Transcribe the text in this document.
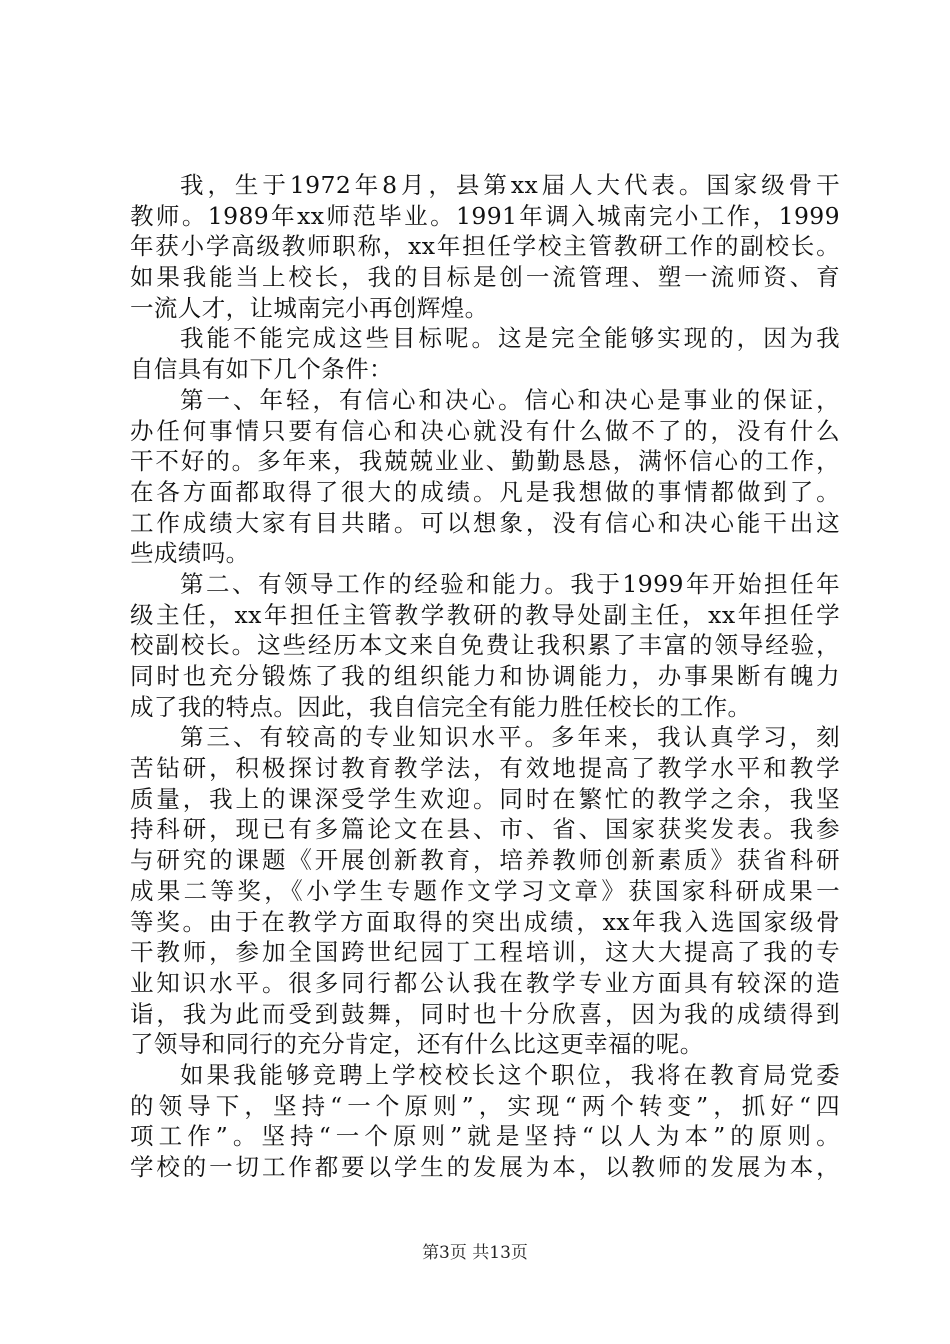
我，生于1972年8月，县第xx届人大代表。国家级骨干
教师。1989年xx师范毕业。1991年调入城南完小工作，1999
年获小学高级教师职称，xx年担任学校主管教研工作的副校长。
如果我能当上校长，我的目标是创一流管理、塑一流师资、育
一流人才，让城南完小再创辉煌。
我能不能完成这些目标呢。这是完全能够实现的，因为我
自信具有如下几个条件：
第一、年轻，有信心和决心。信心和决心是事业的保证，
办任何事情只要有信心和决心就没有什么做不了的，没有什么
干不好的。多年来，我兢兢业业、勤勤恳恳，满怀信心的工作，
在各方面都取得了很大的成绩。凡是我想做的事情都做到了。
工作成绩大家有目共睹。可以想象，没有信心和决心能干出这
些成绩吗。
第二、有领导工作的经验和能力。我于1999年开始担任年
级主任，xx年担任主管教学教研的教导处副主任，xx年担任学
校副校长。这些经历本文来自免费让我积累了丰富的领导经验，
同时也充分锻炼了我的组织能力和协调能力，办事果断有魄力
成了我的特点。因此，我自信完全有能力胜任校长的工作。
第三、有较高的专业知识水平。多年来，我认真学习，刻
苦钻研，积极探讨教育教学法，有效地提高了教学水平和教学
质量，我上的课深受学生欢迎。同时在繁忙的教学之余，我坚
持科研，现已有多篇论文在县、市、省、国家获奖发表。我参
与研究的课题《开展创新教育，培养教师创新素质》获省科研
成果二等奖，《小学生专题作文学习文章》获国家科研成果一
等奖。由于在教学方面取得的突出成绩，xx年我入选国家级骨
干教师，参加全国跨世纪园丁工程培训，这大大提高了我的专
业知识水平。很多同行都公认我在教学专业方面具有较深的造
诣，我为此而受到鼓舞，同时也十分欣喜，因为我的成绩得到
了领导和同行的充分肯定，还有什么比这更幸福的呢。
如果我能够竞聘上学校校长这个职位，我将在教育局党委
的领导下，坚持“一个原则”，实现“两个转变”，抓好“四
项工作”。坚持“一个原则”就是坚持“以人为本”的原则。
学校的一切工作都要以学生的发展为本，以教师的发展为本，
第3页 共13页
